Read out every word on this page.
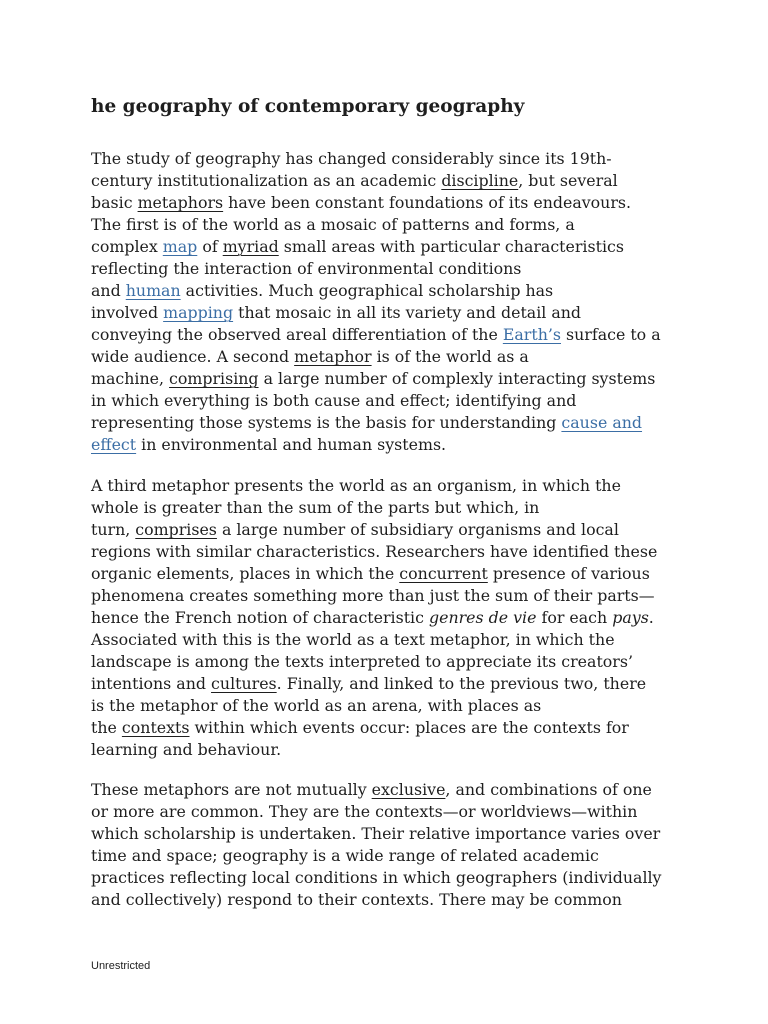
he geography of contemporary geography
The study of geography has changed considerably since its 19th-
century institutionalization as an academic discipline, but several
basic metaphors have been constant foundations of its endeavours.
The first is of the world as a mosaic of patterns and forms, a
complex map of myriad small areas with particular characteristics
reflecting the interaction of environmental conditions
and human activities. Much geographical scholarship has
involved mapping that mosaic in all its variety and detail and
conveying the observed areal differentiation of the Earth’s surface to a
wide audience. A second metaphor is of the world as a
machine, comprising a large number of complexly interacting systems
in which everything is both cause and effect; identifying and
representing those systems is the basis for understanding cause and
effect in environmental and human systems.
A third metaphor presents the world as an organism, in which the
whole is greater than the sum of the parts but which, in
turn, comprises a large number of subsidiary organisms and local
regions with similar characteristics. Researchers have identified these
organic elements, places in which the concurrent presence of various
phenomena creates something more than just the sum of their parts—
hence the French notion of characteristic genres de vie for each pays.
Associated with this is the world as a text metaphor, in which the
landscape is among the texts interpreted to appreciate its creators’
intentions and cultures. Finally, and linked to the previous two, there
is the metaphor of the world as an arena, with places as
the contexts within which events occur: places are the contexts for
learning and behaviour.
These metaphors are not mutually exclusive, and combinations of one
or more are common. They are the contexts—or worldviews—within
which scholarship is undertaken. Their relative importance varies over
time and space; geography is a wide range of related academic
practices reflecting local conditions in which geographers (individually
and collectively) respond to their contexts. There may be common
Unrestricted
